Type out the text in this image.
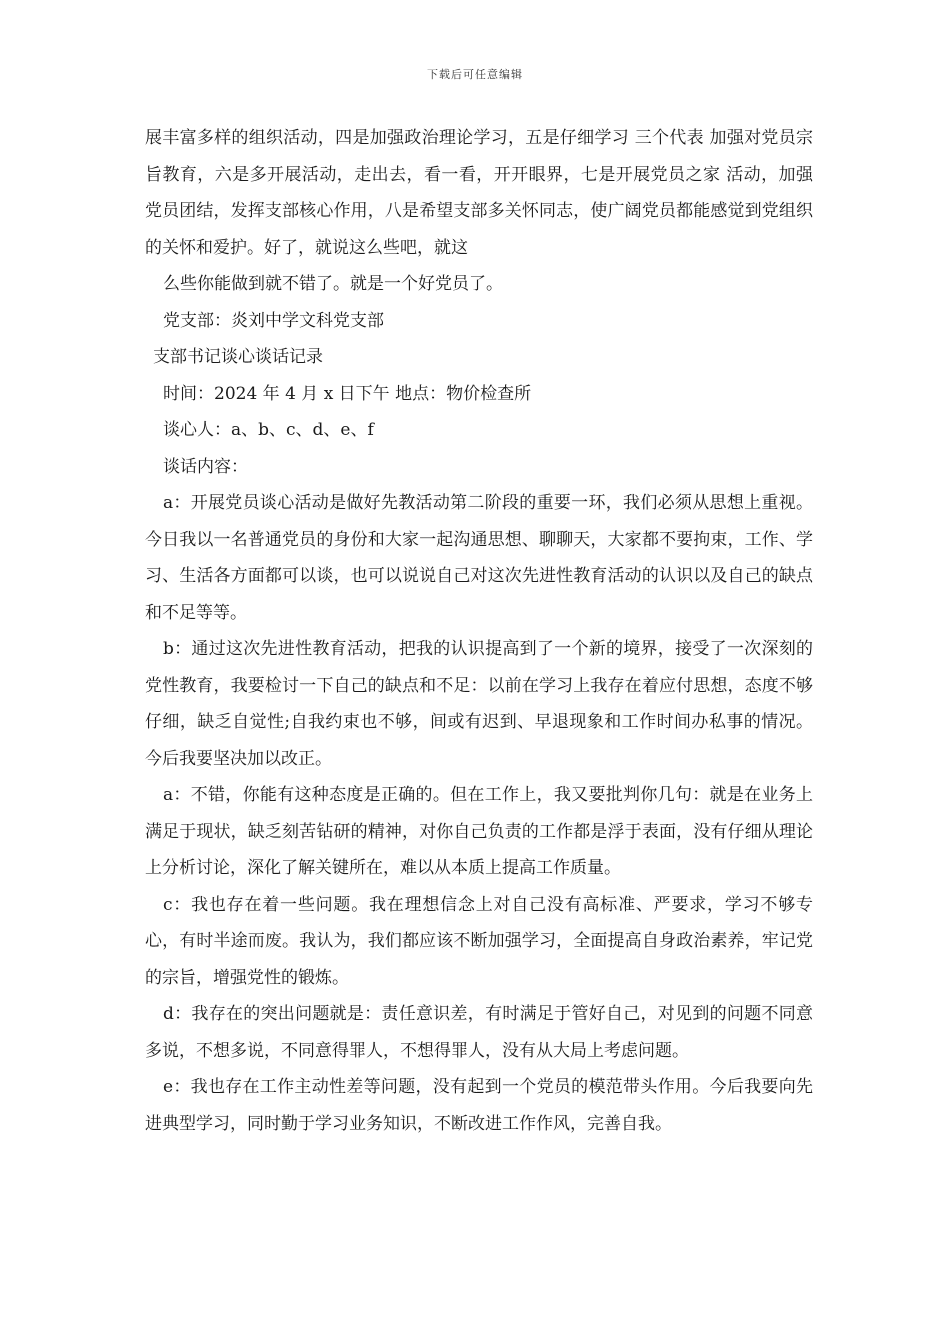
下载后可任意编辑

展丰富多样的组织活动，四是加强政治理论学习，五是仔细学习 三个代表 加强对党员宗旨教育，六是多开展活动，走出去，看一看，开开眼界，七是开展党员之家 活动，加强党员团结，发挥支部核心作用，八是希望支部多关怀同志，使广阔党员都能感觉到党组织的关怀和爱护。好了，就说这么些吧，就这

么些你能做到就不错了。就是一个好党员了。

党支部：炎刘中学文科党支部

支部书记谈心谈话记录

时间：2024 年 4 月 x 日下午 地点：物价检查所

谈心人：a、b、c、d、e、f

谈话内容：

a：开展党员谈心活动是做好先教活动第二阶段的重要一环，我们必须从思想上重视。今日我以一名普通党员的身份和大家一起沟通思想、聊聊天，大家都不要拘束，工作、学习、生活各方面都可以谈，也可以说说自己对这次先进性教育活动的认识以及自己的缺点和不足等等。

b：通过这次先进性教育活动，把我的认识提高到了一个新的境界，接受了一次深刻的党性教育，我要检讨一下自己的缺点和不足：以前在学习上我存在着应付思想，态度不够仔细，缺乏自觉性;自我约束也不够，间或有迟到、早退现象和工作时间办私事的情况。今后我要坚决加以改正。

a：不错，你能有这种态度是正确的。但在工作上，我又要批判你几句：就是在业务上满足于现状，缺乏刻苦钻研的精神，对你自己负责的工作都是浮于表面，没有仔细从理论上分析讨论，深化了解关键所在，难以从本质上提高工作质量。

c：我也存在着一些问题。我在理想信念上对自己没有高标准、严要求，学习不够专心，有时半途而废。我认为，我们都应该不断加强学习，全面提高自身政治素养，牢记党的宗旨，增强党性的锻炼。

d：我存在的突出问题就是：责任意识差，有时满足于管好自己，对见到的问题不同意多说，不想多说，不同意得罪人，不想得罪人，没有从大局上考虑问题。

e：我也存在工作主动性差等问题，没有起到一个党员的模范带头作用。今后我要向先进典型学习，同时勤于学习业务知识，不断改进工作作风，完善自我。
